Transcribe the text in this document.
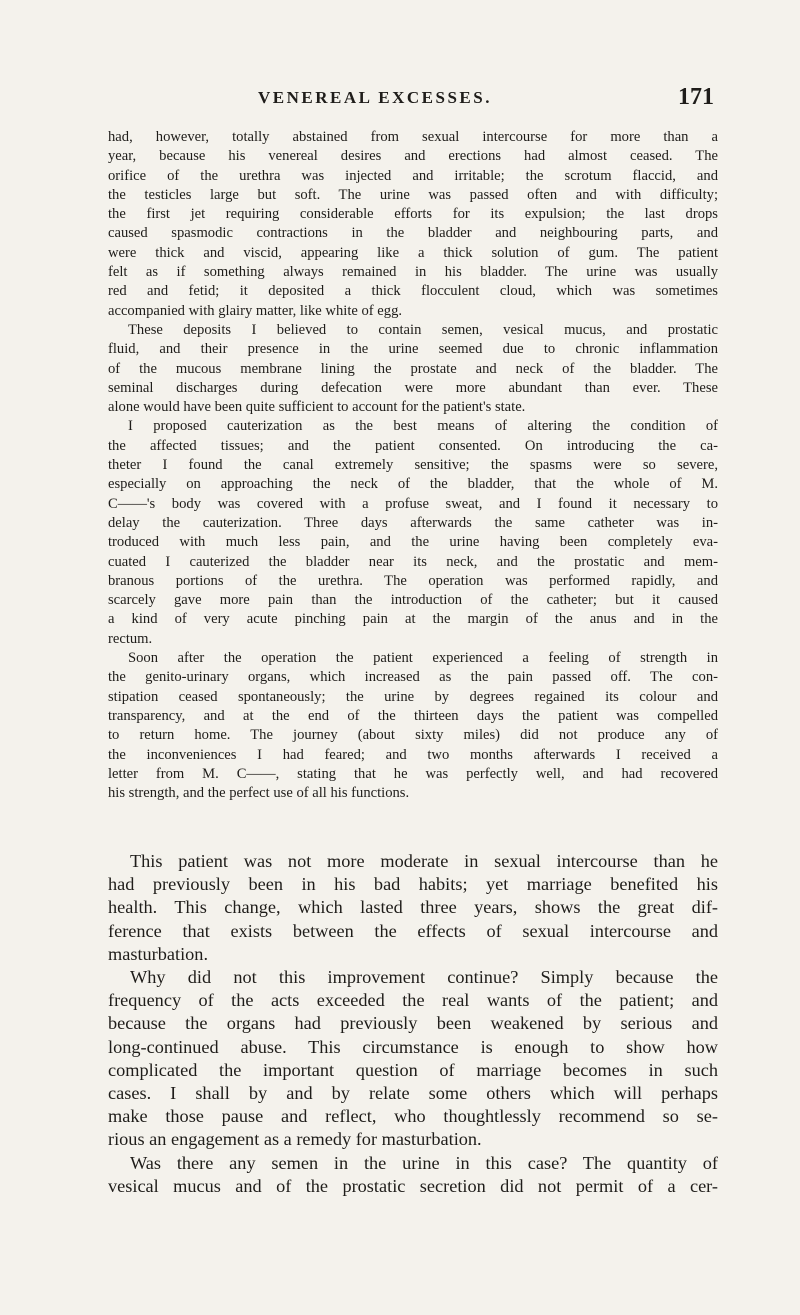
VENEREAL EXCESSES.	171
had, however, totally abstained from sexual intercourse for more than a
year, because his venereal desires and erections had almost ceased. The
orifice of the urethra was injected and irritable; the scrotum flaccid, and
the testicles large but soft. The urine was passed often and with difficulty;
the first jet requiring considerable efforts for its expulsion; the last drops
caused spasmodic contractions in the bladder and neighbouring parts, and
were thick and viscid, appearing like a thick solution of gum. The patient
felt as if something always remained in his bladder. The urine was usually
red and fetid; it deposited a thick flocculent cloud, which was sometimes
accompanied with glairy matter, like white of egg.
These deposits I believed to contain semen, vesical mucus, and prostatic
fluid, and their presence in the urine seemed due to chronic inflammation
of the mucous membrane lining the prostate and neck of the bladder. The
seminal discharges during defecation were more abundant than ever. These
alone would have been quite sufficient to account for the patient's state.
I proposed cauterization as the best means of altering the condition of
the affected tissues; and the patient consented. On introducing the ca-
theter I found the canal extremely sensitive; the spasms were so severe,
especially on approaching the neck of the bladder, that the whole of M.
C——'s body was covered with a profuse sweat, and I found it necessary to
delay the cauterization. Three days afterwards the same catheter was in-
troduced with much less pain, and the urine having been completely eva-
cuated I cauterized the bladder near its neck, and the prostatic and mem-
branous portions of the urethra. The operation was performed rapidly, and
scarcely gave more pain than the introduction of the catheter; but it caused
a kind of very acute pinching pain at the margin of the anus and in the
rectum.
Soon after the operation the patient experienced a feeling of strength in
the genito-urinary organs, which increased as the pain passed off. The con-
stipation ceased spontaneously; the urine by degrees regained its colour and
transparency, and at the end of the thirteen days the patient was compelled
to return home. The journey (about sixty miles) did not produce any of
the inconveniences I had feared; and two months afterwards I received a
letter from M. C——, stating that he was perfectly well, and had recovered
his strength, and the perfect use of all his functions.
This patient was not more moderate in sexual intercourse than he
had previously been in his bad habits; yet marriage benefited his
health. This change, which lasted three years, shows the great dif-
ference that exists between the effects of sexual intercourse and
masturbation.
Why did not this improvement continue? Simply because the
frequency of the acts exceeded the real wants of the patient; and
because the organs had previously been weakened by serious and
long-continued abuse. This circumstance is enough to show how
complicated the important question of marriage becomes in such
cases. I shall by and by relate some others which will perhaps
make those pause and reflect, who thoughtlessly recommend so se-
rious an engagement as a remedy for masturbation.
Was there any semen in the urine in this case? The quantity of
vesical mucus and of the prostatic secretion did not permit of a cer-
